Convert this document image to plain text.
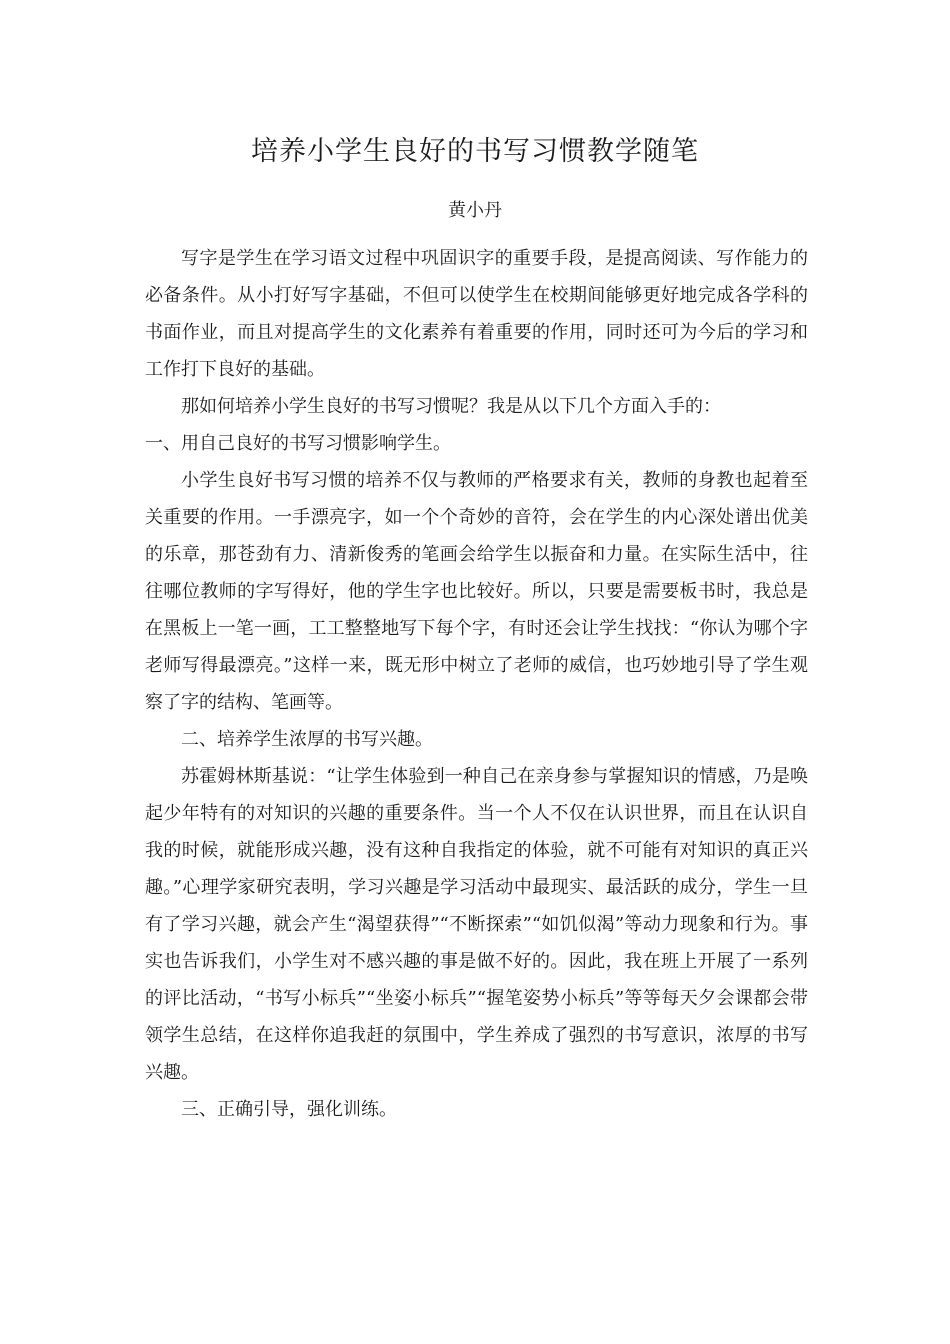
培养小学生良好的书写习惯教学随笔
黄小丹

写字是学生在学习语文过程中巩固识字的重要手段，是提高阅读、写作能力的必备条件。从小打好写字基础，不但可以使学生在校期间能够更好地完成各学科的书面作业，而且对提高学生的文化素养有着重要的作用，同时还可为今后的学习和工作打下良好的基础。

那如何培养小学生良好的书写习惯呢？我是从以下几个方面入手的：

一、用自己良好的书写习惯影响学生。

小学生良好书写习惯的培养不仅与教师的严格要求有关，教师的身教也起着至关重要的作用。一手漂亮字，如一个个奇妙的音符，会在学生的内心深处谱出优美的乐章，那苍劲有力、清新俊秀的笔画会给学生以振奋和力量。在实际生活中，往往哪位教师的字写得好，他的学生字也比较好。所以，只要是需要板书时，我总是在黑板上一笔一画，工工整整地写下每个字，有时还会让学生找找：“你认为哪个字老师写得最漂亮。”这样一来，既无形中树立了老师的威信，也巧妙地引导了学生观察了字的结构、笔画等。

二、培养学生浓厚的书写兴趣。

苏霍姆林斯基说：“让学生体验到一种自己在亲身参与掌握知识的情感，乃是唤起少年特有的对知识的兴趣的重要条件。当一个人不仅在认识世界，而且在认识自我的时候，就能形成兴趣，没有这种自我指定的体验，就不可能有对知识的真正兴趣。”心理学家研究表明，学习兴趣是学习活动中最现实、最活跃的成分，学生一旦有了学习兴趣，就会产生“渴望获得”“不断探索”“如饥似渴”等动力现象和行为。事实也告诉我们，小学生对不感兴趣的事是做不好的。因此，我在班上开展了一系列的评比活动，“书写小标兵”“坐姿小标兵”“握笔姿势小标兵”等等每天夕会课都会带领学生总结，在这样你追我赶的氛围中，学生养成了强烈的书写意识，浓厚的书写兴趣。

三、正确引导，强化训练。
